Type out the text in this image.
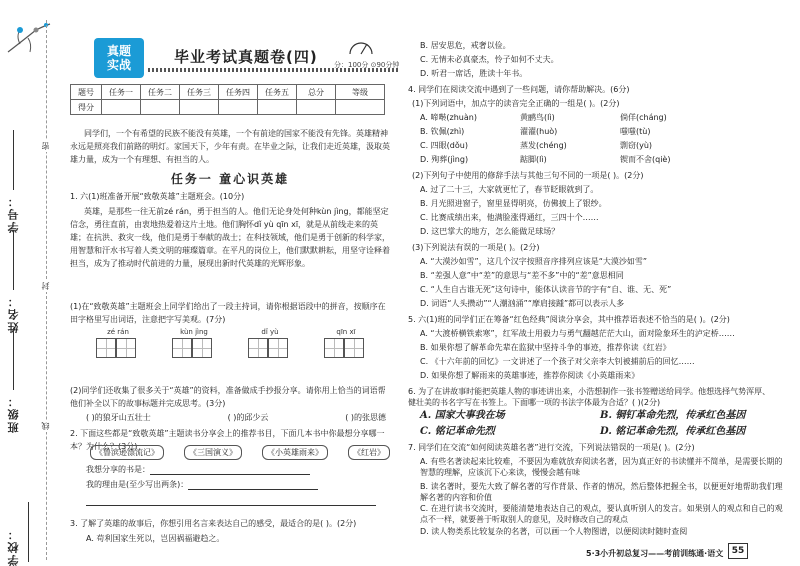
学号：
姓名：
班级：
学校：
密
封
线
真题
实战	毕业考试真题卷(四) 分：100分 ⊙90分钟
题号	任务一	任务二	任务三	任务四	任务五	总分	等级
得分							
同学们，一个有希望的民族不能没有英雄，一个有前途的国家不能没有先锋。英雄精神永远是照亮我们前路的明灯。家国天下，少年有责。在毕业之际，让我们走近英雄，汲取英雄力量，成为一个有理想、有担当的人。
任务一 童心识英雄
1. 六(1)班准备开展“致敬英雄”主题班会。(10分)
英雄，是那些一往无前zé rán，勇于担当的人。他们无论身处何种kùn jìng，都能坚定信念，勇往直前，由衷地热爱着这片土地。他们胸怀dǐ yù qīn xī，就是从前线走来的英雄；在抗洪、救灾一线，他们是勇于奉献的战士；在科技领域，他们是勇于创新的科学家，用智慧和汗水书写着人类文明的璀璨篇章。在平凡的岗位上，他们默默耕耘，用坚守诠释着担当，成为了推动时代前进的力量，展现出新时代英雄的光辉形象。
(1)在“致敬英雄”主题班会上同学们给出了一段主持词，请你根据语段中的拼音，按顺序在田字格里写出词语，注意把字写美观。(7分)
zé rán	kùn jìng	dǐ yù	qīn xī
(2)同学们还收集了很多关于“英雄”的资料，准备做成手抄报分享。请你用上恰当的词语帮他们补全以下的故事标题并完成思考。(3分)
( )的狼牙山五壮士	( )的邱少云	( )的张思德
2. 下面这些都是“致敬英雄”主题读书分享会上的推荐书目，下面几本书中你最想分享哪一本？为什么？(3分)
《鲁滨逊漂流记》	《三国演义》	《小英雄雨来》	《红岩》
我想分享的书是：
我的理由是(至少写出两条)：
3. 了解了英雄的故事后，你想引用名言来表达自己的感受，最适合的是( )。(2分)
A. 苟利国家生死以，岂因祸福避趋之。
B. 居安思危，戒奢以俭。
C. 无情未必真豪杰，怜子如何不丈夫。
D. 听君一席话，胜读十年书。
4. 同学们在阅读交流中遇到了一些问题，请你帮助解决。(6分)
(1)下列词语中，加点字的读音完全正确的一组是( )。(2分)
A. 啼啭(zhuàn)	黄鹂鸟(lì)	倘佯(cháng)
B. 钦佩(zhì)	濯濯(huò)	嗤嗤(tù)
C. 四眼(dǒu)	蒸发(chéng)	剽窃(yù)
D. 殉葬(jìng)	踮脚(lì)	锲而不舍(qiè)
(2)下列句子中使用的修辞手法与其他三句不同的一项是( )。(2分)
A. 过了二十三，大家就更忙了，春节眨眼就到了。
B. 月光照进窗子，窗里显得明亮，仿佛披上了银纱。
C. 比赛成绩出来，他满脸涨得通红，三四十个……
D. 这巴掌大的地方，怎么能做足球场？
(3)下列说法有误的一项是( )。(2分)
A. “大漠沙如雪”，这几个汉字按照音序排列应该是“大漠沙如雪”
B. “差强人意”中“差”的意思与“差不多”中的“差”意思相同
C. “人生自古谁无死”这句诗中，能体认读音节的字有“自、谁、无、死”
D. 词语“人头攒动”“人潮汹涌”“摩肩接踵”都可以表示人多
5. 六(1)班的同学们正在筹备“红色经典”阅读分享会，其中推荐语表述不恰当的是( )。(2分)
A. “大渡桥横铁索寒”，红军战士用毅力与勇气翻越茫茫大山，面对险象环生的泸定桥……
B. 如果你想了解革命先辈在监狱中坚持斗争的事迹，推荐你读《红岩》
C. 《十六年前的回忆》一文讲述了一个孩子对父亲李大钊被捕前后的回忆……
D. 如果你想了解雨来的英雄事迹，推荐你阅读《小英雄雨来》
6. 为了在讲故事时能把英雄人物的事迹讲出来，小浩想制作一张书签赠送给同学。他想选择气势浑厚、健壮美的书名字写在书签上。下面哪一项的书法字体最为合适？( )(2分)
A. 国家大事我在场	B. 铜钉革命先烈，传承红色基因
C. 铭记革命先烈	D. 铭记革命先烈，传承红色基因
7. 同学们在交流“如何阅读英雄名著”进行交流，下列说法错误的一项是( )。(2分)
A. 有些名著读起来比较难，不要因为难就放弃阅读名著，因为真正好的书读懂并不简单，是需要长期的智慧的理解，应该沉下心来读，慢慢会越有味
B. 读名著时，要先大致了解名著的写作背景、作者的情况，然后整体把握全书，以便更好地帮助我们理解名著的内容和价值
C. 在进行读书交流时，要能清楚地表达自己的观点，要认真听别人的发言。如果别人的观点和自己的观点不一样，就要善于听取别人的意见，及时修改自己的观点
D. 读人物类系比较复杂的名著，可以画一个人物图谱，以便阅读时随时查阅
5·3小升初总复习——考前训练通·语文 55
